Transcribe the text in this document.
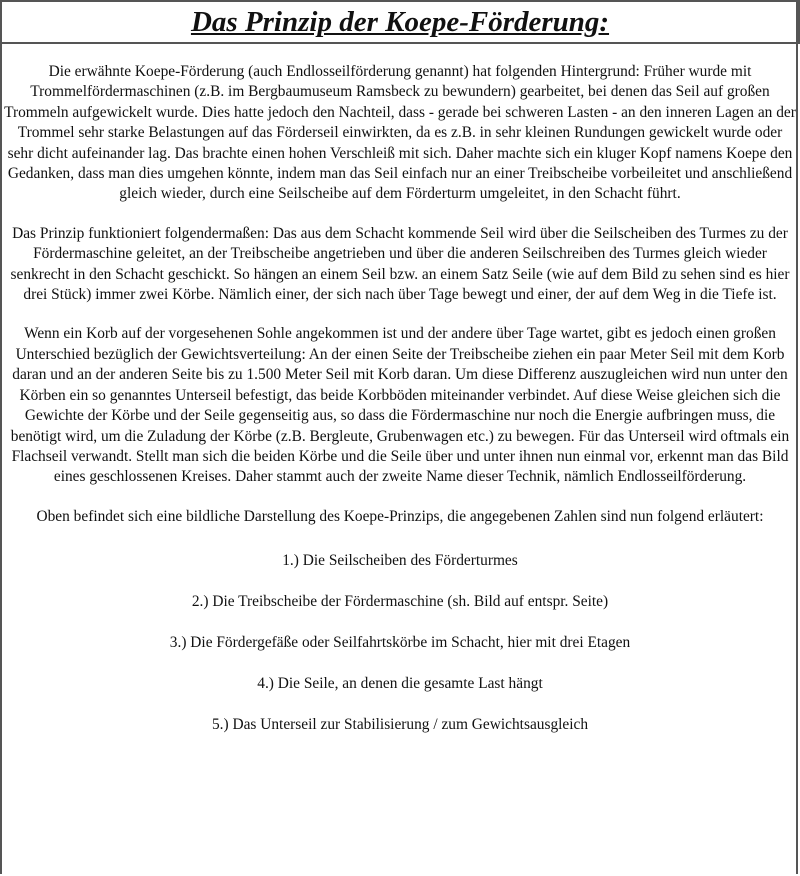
Das Prinzip der Koepe-Förderung:

Die erwähnte Koepe-Förderung (auch Endlosseilförderung genannt) hat folgenden Hintergrund: Früher wurde mit Trommelfördermaschinen (z.B. im Bergbaumuseum Ramsbeck zu bewundern) gearbeitet, bei denen das Seil auf großen Trommeln aufgewickelt wurde. Dies hatte jedoch den Nachteil, dass - gerade bei schweren Lasten - an den inneren Lagen an der Trommel sehr starke Belastungen auf das Förderseil einwirkten, da es z.B. in sehr kleinen Rundungen gewickelt wurde oder sehr dicht aufeinander lag. Das brachte einen hohen Verschleiß mit sich. Daher machte sich ein kluger Kopf namens Koepe den Gedanken, dass man dies umgehen könnte, indem man das Seil einfach nur an einer Treibscheibe vorbeileitet und anschließend gleich wieder, durch eine Seilscheibe auf dem Förderturm umgeleitet, in den Schacht führt.

Das Prinzip funktioniert folgendermaßen: Das aus dem Schacht kommende Seil wird über die Seilscheiben des Turmes zu der Fördermaschine geleitet, an der Treibscheibe angetrieben und über die anderen Seilschreiben des Turmes gleich wieder senkrecht in den Schacht geschickt. So hängen an einem Seil bzw. an einem Satz Seile (wie auf dem Bild zu sehen sind es hier drei Stück) immer zwei Körbe. Nämlich einer, der sich nach über Tage bewegt und einer, der auf dem Weg in die Tiefe ist.

Wenn ein Korb auf der vorgesehenen Sohle angekommen ist und der andere über Tage wartet, gibt es jedoch einen großen Unterschied bezüglich der Gewichtsverteilung: An der einen Seite der Treibscheibe ziehen ein paar Meter Seil mit dem Korb daran und an der anderen Seite bis zu 1.500 Meter Seil mit Korb daran. Um diese Differenz auszugleichen wird nun unter den Körben ein so genanntes Unterseil befestigt, das beide Korbböden miteinander verbindet. Auf diese Weise gleichen sich die Gewichte der Körbe und der Seile gegenseitig aus, so dass die Fördermaschine nur noch die Energie aufbringen muss, die benötigt wird, um die Zuladung der Körbe (z.B. Bergleute, Grubenwagen etc.) zu bewegen. Für das Unterseil wird oftmals ein Flachseil verwandt. Stellt man sich die beiden Körbe und die Seile über und unter ihnen nun einmal vor, erkennt man das Bild eines geschlossenen Kreises. Daher stammt auch der zweite Name dieser Technik, nämlich Endlosseilförderung.

Oben befindet sich eine bildliche Darstellung des Koepe-Prinzips, die angegebenen Zahlen sind nun folgend erläutert:

1.) Die Seilscheiben des Förderturmes

2.) Die Treibscheibe der Fördermaschine (sh. Bild auf entspr. Seite)

3.) Die Fördergefäße oder Seilfahrtskörbe im Schacht, hier mit drei Etagen

4.) Die Seile, an denen die gesamte Last hängt

5.) Das Unterseil zur Stabilisierung / zum Gewichtsausgleich
